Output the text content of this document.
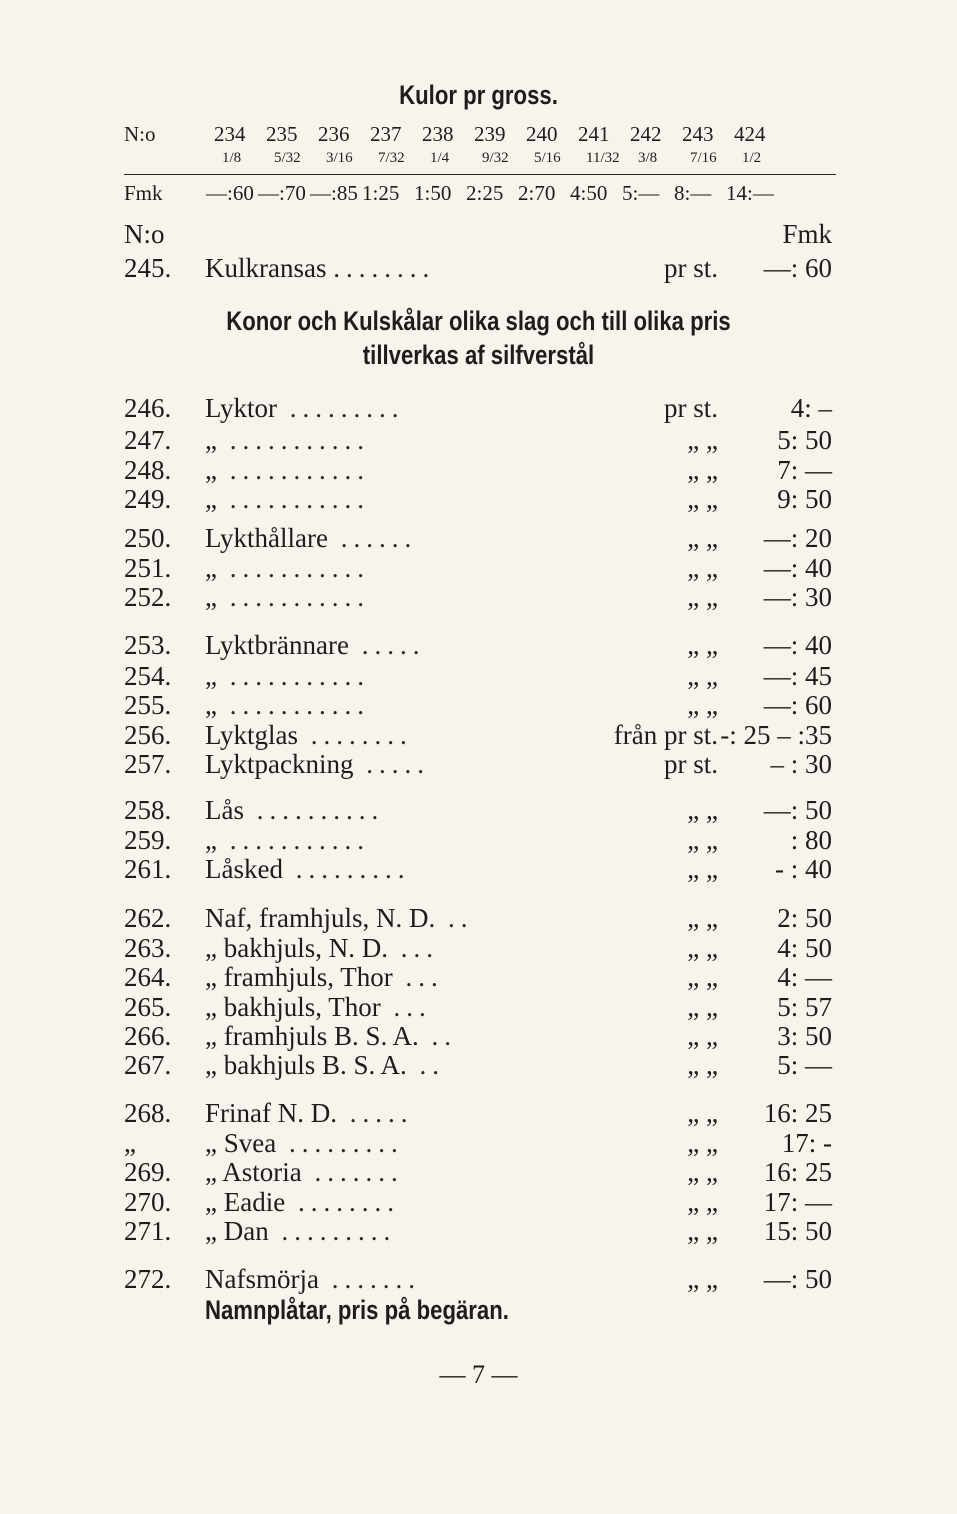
Kulor pr gross.
N:o	234 235 236 237 238 239 240 241 242 243 424
1/8 5/32 3/16 7/32 1/4 9/32 5/16 11/32 3/8 7/16 1/2
Fmk —:60 —:70 —:85 1:25 1:50 2:25 2:70 4:50 5:— 8:— 14:—
N:o	Fmk
245. Kulkransas ........	pr st. —: 60
Konor och Kulskålar olika slag och till olika pris
tillverkas af silfverstål
246. Lyktor .........	pr st.	4: –
247. „ ...........	„ „ 5: 50
248. „ ...........	„ „ 7: —
249. „ ...........	„ „ 9: 50
250. Lykthållare ......	„ „ —: 20
251. „ ...........	„ „ —: 40
252. „ ...........	„ „ —: 30
253. Lyktbrännare .....	„ „ —: 40
254. „ ...........	„ „ —: 45
255. „ ...........	„ „ —: 60
256. Lyktglas ........	från pr st. -: 25 – :35
257. Lyktpackning .....	pr st. – : 30
258. Lås ..........	„ „ —: 50
259. „ ...........	„ „	: 80
261. Låsked .........	„ „ - : 40
262. Naf, framhjuls, N. D. ..	„ „ 2: 50
263. „ bakhjuls, N. D. ...	„ „ 4: 50
264. „ framhjuls, Thor ...	„ „ 4: —
265. „ bakhjuls, Thor ...	„ „ 5: 57
266. „ framhjuls B. S. A. ..	„ „ 3: 50
267. „ bakhjuls B. S. A. ..	„ „ 5: —
268. Frinaf N. D. .....	„ „ 16: 25
„	„ Svea .........	„ „ 17: -
269. „ Astoria .......	„ „ 16: 25
270. „ Eadie ........	„ „ 17: —
271. „ Dan .........	„ „ 15: 50
272. Nafsmörja .......	„ „ —: 50
Namnplåtar, pris på begäran.
— 7 —
